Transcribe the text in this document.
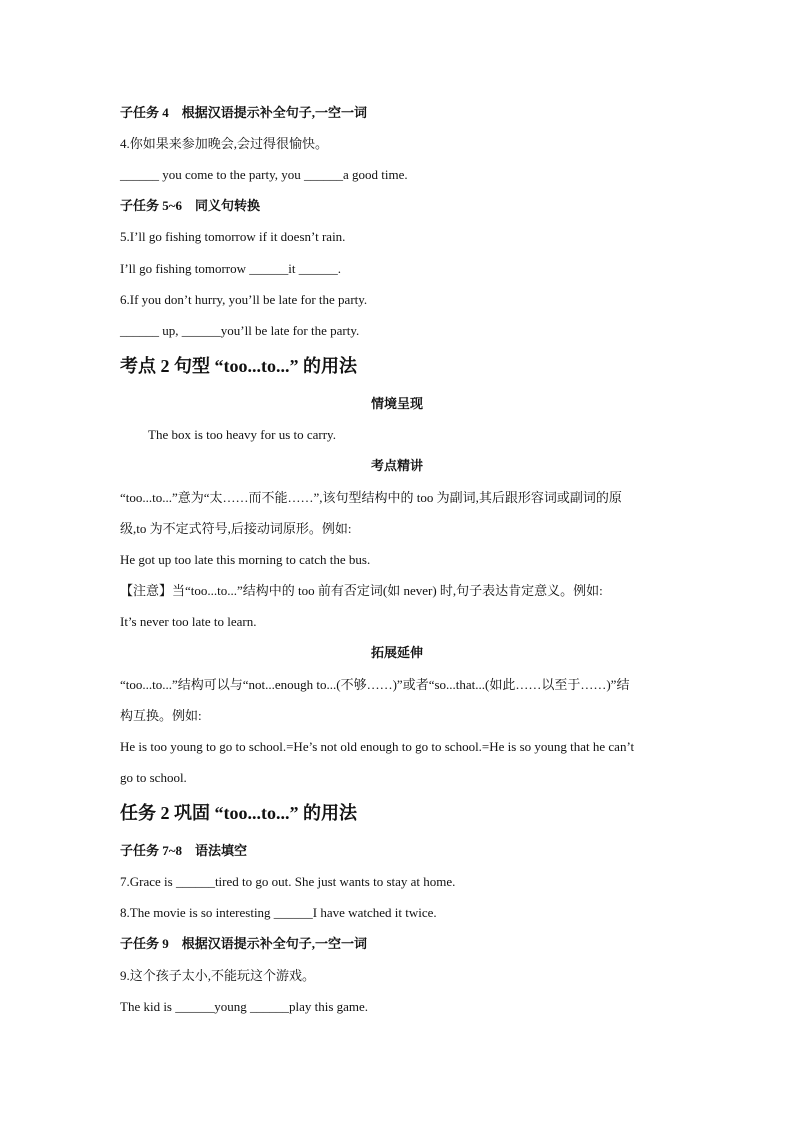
子任务 4　根据汉语提示补全句子,一空一词
4.你如果来参加晚会,会过得很愉快。
______ you come to the party, you ______a good time.
子任务 5~6　同义句转换
5.I’ll go fishing tomorrow if it doesn’t rain.
I’ll go fishing tomorrow ______it ______.
6.If you don’t hurry, you’ll be late for the party.
______ up, ______you’ll be late for the party.
考点 2 句型 “too...to...” 的用法
情境呈现
The box is too heavy for us to carry.
考点精讲
“too...to...”意为“太……而不能……”,该句型结构中的 too 为副词,其后跟形容词或副词的原
级,to 为不定式符号,后接动词原形。例如:
He got up too late this morning to catch the bus.
【注意】当“too...to...”结构中的 too 前有否定词(如 never) 时,句子表达肯定意义。例如:
It’s never too late to learn.
拓展延伸
“too...to...”结构可以与“not...enough to...(不够……)”或者“so...that...(如此……以至于……)”结
构互换。例如:
He is too young to go to school.=He’s not old enough to go to school.=He is so young that he can’t
go to school.
任务 2 巩固 “too...to...” 的用法
子任务 7~8　语法填空
7.Grace is ______tired to go out. She just wants to stay at home.
8.The movie is so interesting ______I have watched it twice.
子任务 9　根据汉语提示补全句子,一空一词
9.这个孩子太小,不能玩这个游戏。
The kid is ______young ______play this game.
